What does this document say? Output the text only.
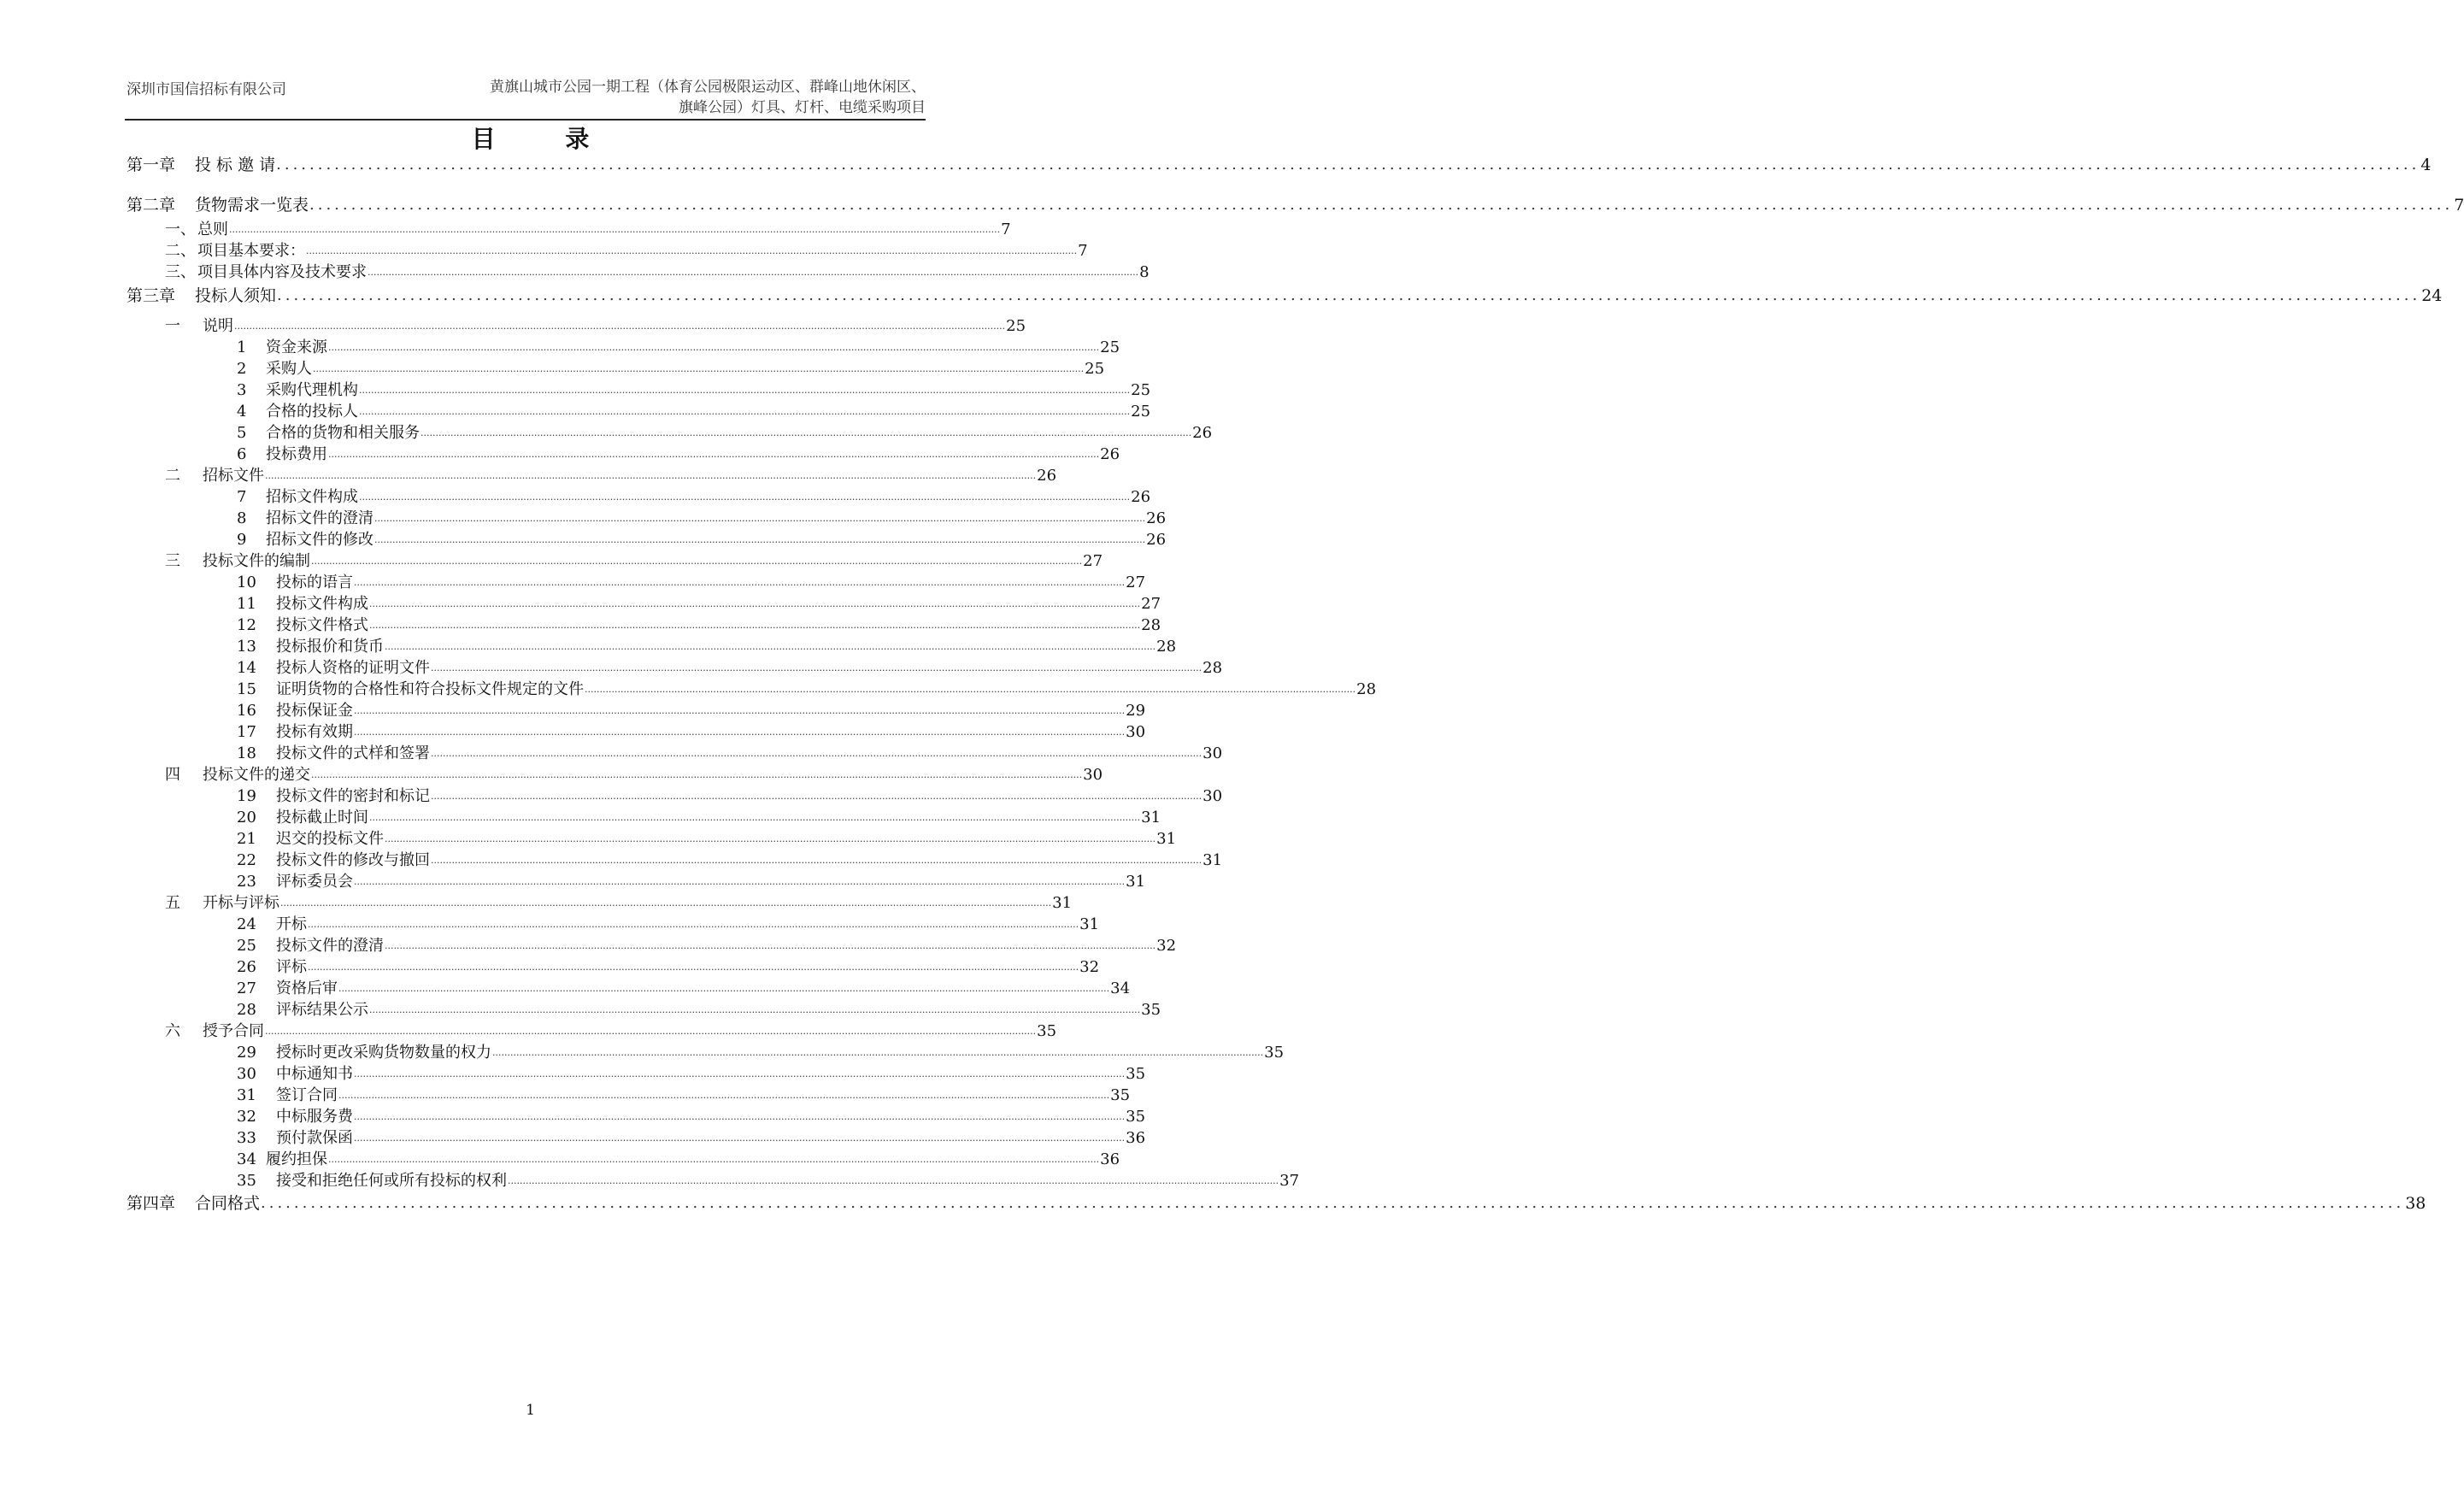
深圳市国信招标有限公司	黄旗山城市公园一期工程（体育公园极限运动区、群峰山地休闲区、
旗峰公园）灯具、灯杆、电缆采购项目
目 录
第一章	投 标 邀 请 .................................................................................................................................................................................................................................................................. 4
第二章	货物需求一览表 .................................................................................................................................................................................................................................................................. 7
一、 总则 .................................................................................................................................................................................................................................................................. 7
二、 项目基本要求： .................................................................................................................................................................................................................................................................. 7
三、 项目具体内容及技术要求 .................................................................................................................................................................................................................................................................. 8
第三章	投标人须知 .................................................................................................................................................................................................................................................................. 24
一	说明 .................................................................................................................................................................................................................................................................. 25
1	资金来源 .................................................................................................................................................................................................................................................................. 25
2	采购人 .................................................................................................................................................................................................................................................................. 25
3	采购代理机构 .................................................................................................................................................................................................................................................................. 25
4	合格的投标人 .................................................................................................................................................................................................................................................................. 25
5	合格的货物和相关服务 .................................................................................................................................................................................................................................................................. 26
6	投标费用 .................................................................................................................................................................................................................................................................. 26
二	招标文件 .................................................................................................................................................................................................................................................................. 26
7	招标文件构成 .................................................................................................................................................................................................................................................................. 26
8	招标文件的澄清 .................................................................................................................................................................................................................................................................. 26
9	招标文件的修改 .................................................................................................................................................................................................................................................................. 26
三	投标文件的编制 .................................................................................................................................................................................................................................................................. 27
10	投标的语言 .................................................................................................................................................................................................................................................................. 27
11	投标文件构成 .................................................................................................................................................................................................................................................................. 27
12	投标文件格式 .................................................................................................................................................................................................................................................................. 28
13	投标报价和货币 .................................................................................................................................................................................................................................................................. 28
14	投标人资格的证明文件 .................................................................................................................................................................................................................................................................. 28
15	证明货物的合格性和符合投标文件规定的文件 .................................................................................................................................................................................................................................................................. 28
16	投标保证金 .................................................................................................................................................................................................................................................................. 29
17	投标有效期 .................................................................................................................................................................................................................................................................. 30
18	投标文件的式样和签署 .................................................................................................................................................................................................................................................................. 30
四	投标文件的递交 .................................................................................................................................................................................................................................................................. 30
19	投标文件的密封和标记 .................................................................................................................................................................................................................................................................. 30
20	投标截止时间 .................................................................................................................................................................................................................................................................. 31
21	迟交的投标文件 .................................................................................................................................................................................................................................................................. 31
22	投标文件的修改与撤回 .................................................................................................................................................................................................................................................................. 31
23	评标委员会 .................................................................................................................................................................................................................................................................. 31
五	开标与评标 .................................................................................................................................................................................................................................................................. 31
24	开标 .................................................................................................................................................................................................................................................................. 31
25	投标文件的澄清 .................................................................................................................................................................................................................................................................. 32
26	评标 .................................................................................................................................................................................................................................................................. 32
27	资格后审 .................................................................................................................................................................................................................................................................. 34
28	评标结果公示 .................................................................................................................................................................................................................................................................. 35
六	授予合同 .................................................................................................................................................................................................................................................................. 35
29	授标时更改采购货物数量的权力 .................................................................................................................................................................................................................................................................. 35
30	中标通知书 .................................................................................................................................................................................................................................................................. 35
31	签订合同 .................................................................................................................................................................................................................................................................. 35
32	中标服务费 .................................................................................................................................................................................................................................................................. 35
33	预付款保函 .................................................................................................................................................................................................................................................................. 36
34 履约担保 .................................................................................................................................................................................................................................................................. 36
35	接受和拒绝任何或所有投标的权利 .................................................................................................................................................................................................................................................................. 37
第四章	合同格式 .................................................................................................................................................................................................................................................................. 38
1
